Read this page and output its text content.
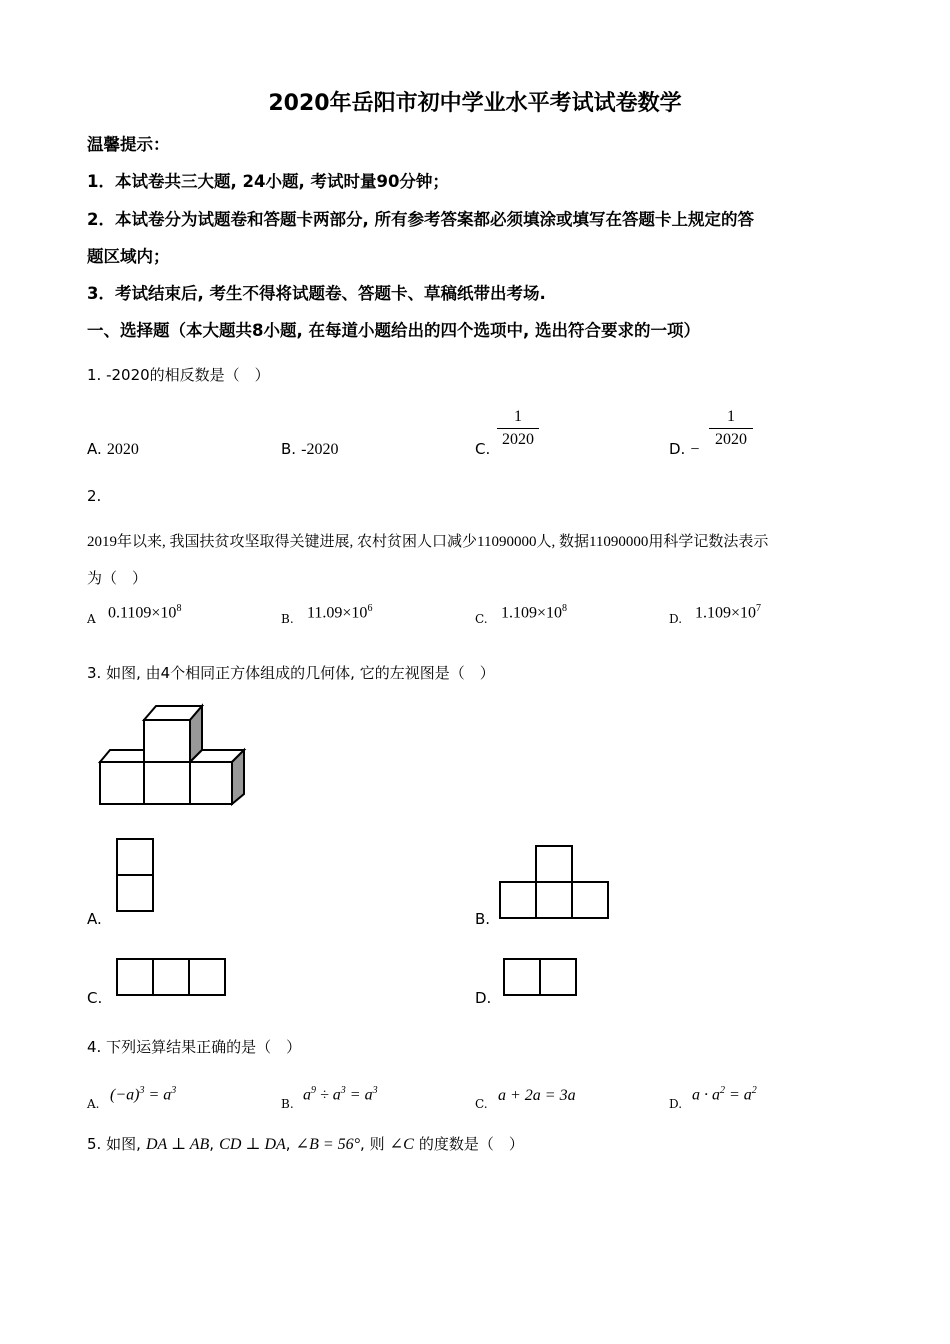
2020年岳阳市初中学业水平考试试卷数学
温馨提示：
1．本试卷共三大题, 24小题, 考试时量90分钟；
2．本试卷分为试题卷和答题卡两部分, 所有参考答案都必须填涂或填写在答题卡上规定的答
题区域内；
3．考试结束后, 考生不得将试题卷、答题卡、草稿纸带出考场.
一、选择题（本大题共8小题, 在每道小题给出的四个选项中, 选出符合要求的一项）
1. -2020的相反数是（　）
A. 2020	B. -2020	C. $\frac{1}{2020}$	D. −
$\frac{1}{2020}$
2.
2019年以来, 我国扶贫攻坚取得关键进展, 农村贫困人口减少11090000人, 数据11090000用科学记数法表示
为（　）
A $0.1109\times 10^8$
B. $11.09\times 10^6$
C. $1.109\times 10^8$
D. $1.109\times 10^7$
3. 如图, 由4个相同正方体组成的几何体, 它的左视图是（　）
A.	B.
C.	D.
4. 下列运算结果正确的是（　）
A.
$(-a)^3 = a^3$
B.
$a^9 \div a^3 = a^3$
C. a + 2a = 3a	D.
$a \cdot a^2 = a^2$
5. 如图, DA ⊥ AB, CD ⊥ DA, ∠B = 56°, 则 ∠C 的度数是（　）
